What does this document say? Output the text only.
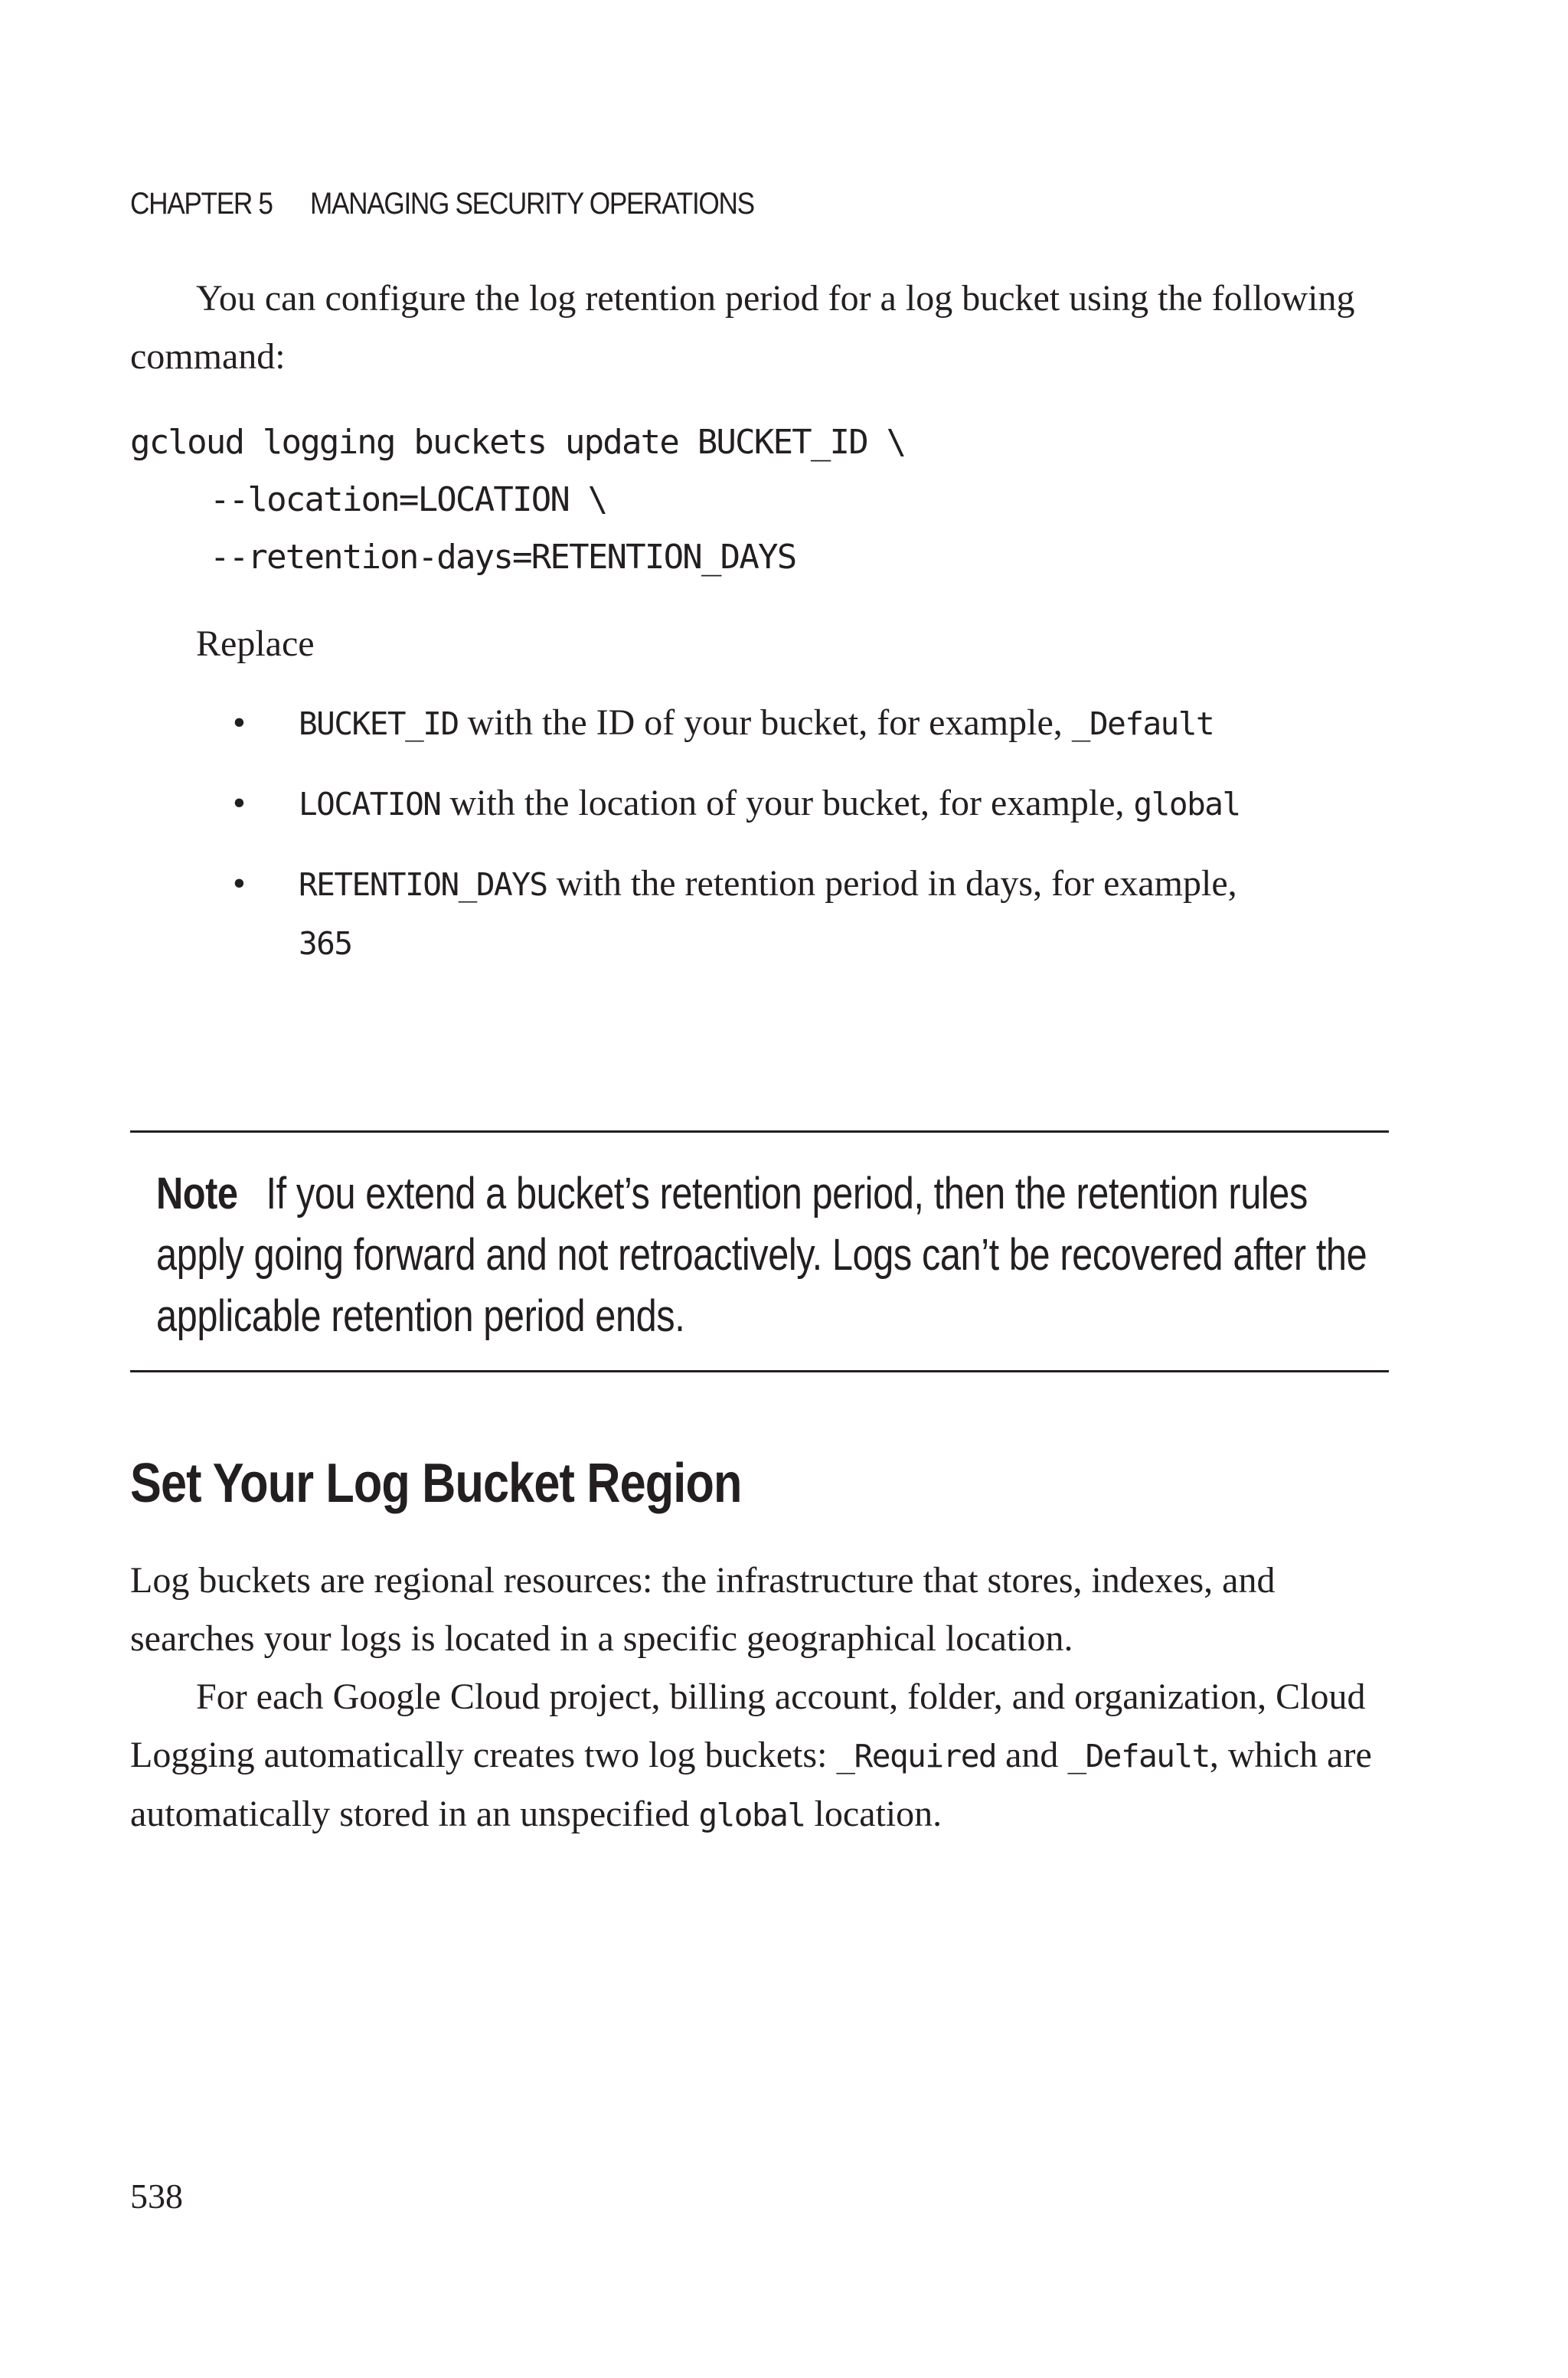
CHAPTER 5 MANAGING SECURITY OPERATIONS

You can configure the log retention period for a log bucket using the following command:

gcloud logging buckets update BUCKET_ID \
--location=LOCATION \
--retention-days=RETENTION_DAYS

Replace

• BUCKET_ID with the ID of your bucket, for example, _Default
• LOCATION with the location of your bucket, for example, global
• RETENTION_DAYS with the retention period in days, for example, 365

Note If you extend a bucket’s retention period, then the retention rules apply going forward and not retroactively. Logs can’t be recovered after the applicable retention period ends.

Set Your Log Bucket Region

Log buckets are regional resources: the infrastructure that stores, indexes, and searches your logs is located in a specific geographical location.

For each Google Cloud project, billing account, folder, and organization, Cloud Logging automatically creates two log buckets: _Required and _Default, which are automatically stored in an unspecified global location.

538
